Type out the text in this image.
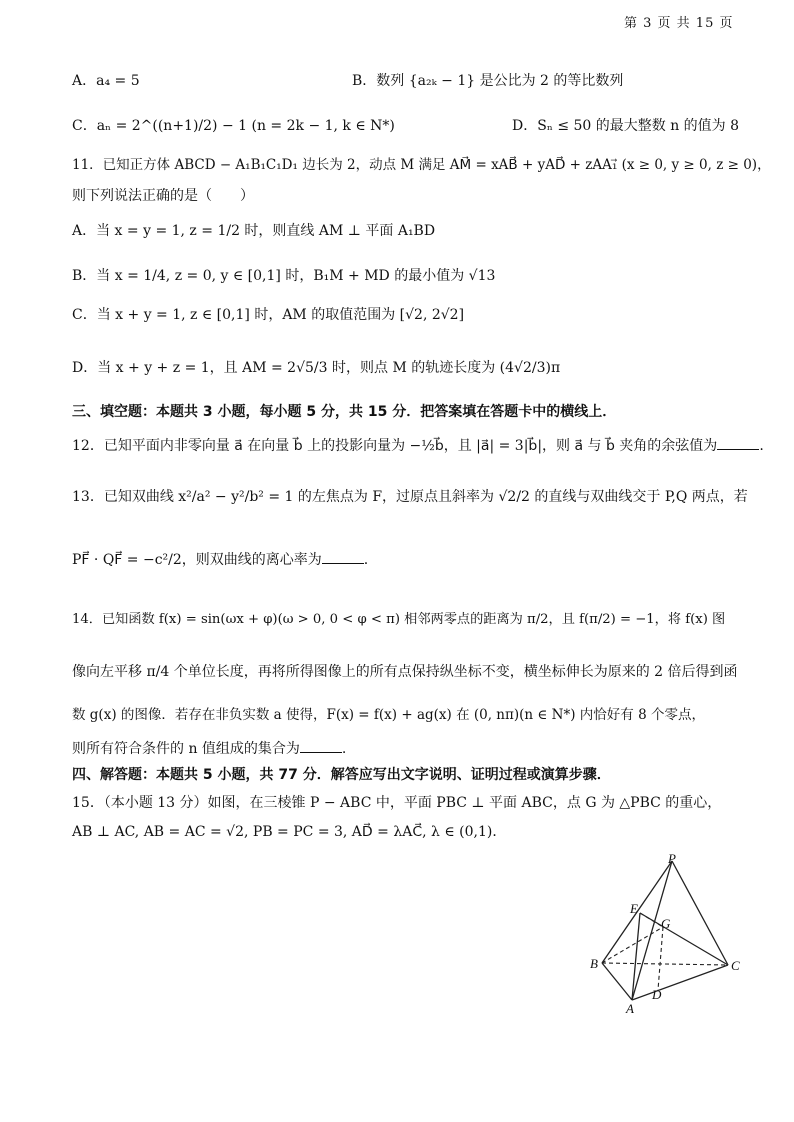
第 3 页 共 15 页
A．a₄ = 5	B．数列 {a₂ₖ − 1} 是公比为 2 的等比数列
C．aₙ = 2^((n+1)/2) − 1 (n = 2k − 1, k ∈ N*)	D．Sₙ ≤ 50 的最大整数 n 的值为 8
11．已知正方体 ABCD − A₁B₁C₁D₁ 边长为 2，动点 M 满足 AM⃗ = xAB⃗ + yAD⃗ + zAA₁⃗ (x ≥ 0, y ≥ 0, z ≥ 0)，
则下列说法正确的是（　　）
A．当 x = y = 1, z = 1/2 时，则直线 AM ⊥ 平面 A₁BD
B．当 x = 1/4, z = 0, y ∈ [0,1] 时，B₁M + MD 的最小值为 √13
C．当 x + y = 1, z ∈ [0,1] 时，AM 的取值范围为 [√2, 2√2]
D．当 x + y + z = 1，且 AM = 2√5/3 时，则点 M 的轨迹长度为 (4√2/3)π
三、填空题：本题共 3 小题，每小题 5 分，共 15 分．把答案填在答题卡中的横线上．
12．已知平面内非零向量 a⃗ 在向量 b⃗ 上的投影向量为 −½b⃗，且 |a⃗| = 3|b⃗|，则 a⃗ 与 b⃗ 夹角的余弦值为	.
13．已知双曲线 x²/a² − y²/b² = 1 的左焦点为 F，过原点且斜率为 √2/2 的直线与双曲线交于 P,Q 两点，若
PF⃗ · QF⃗ = −c²/2，则双曲线的离心率为	.
14．已知函数 f(x) = sin(ωx + φ)(ω > 0, 0 < φ < π) 相邻两零点的距离为 π/2，且 f(π/2) = −1，将 f(x) 图
像向左平移 π/4 个单位长度，再将所得图像上的所有点保持纵坐标不变，横坐标伸长为原来的 2 倍后得到函
数 g(x) 的图像．若存在非负实数 a 使得，F(x) = f(x) + ag(x) 在 (0, nπ)(n ∈ N*) 内恰好有 8 个零点，
则所有符合条件的 n 值组成的集合为	.
四、解答题：本题共 5 小题，共 77 分．解答应写出文字说明、证明过程或演算步骤．
15．（本小题 13 分）如图，在三棱锥 P − ABC 中，平面 PBC ⊥ 平面 ABC，点 G 为 △PBC 的重心，
AB ⊥ AC, AB = AC = √2, PB = PC = 3, AD⃗ = λAC⃗, λ ∈ (0,1)．
P
E
G
B	C
D
A
